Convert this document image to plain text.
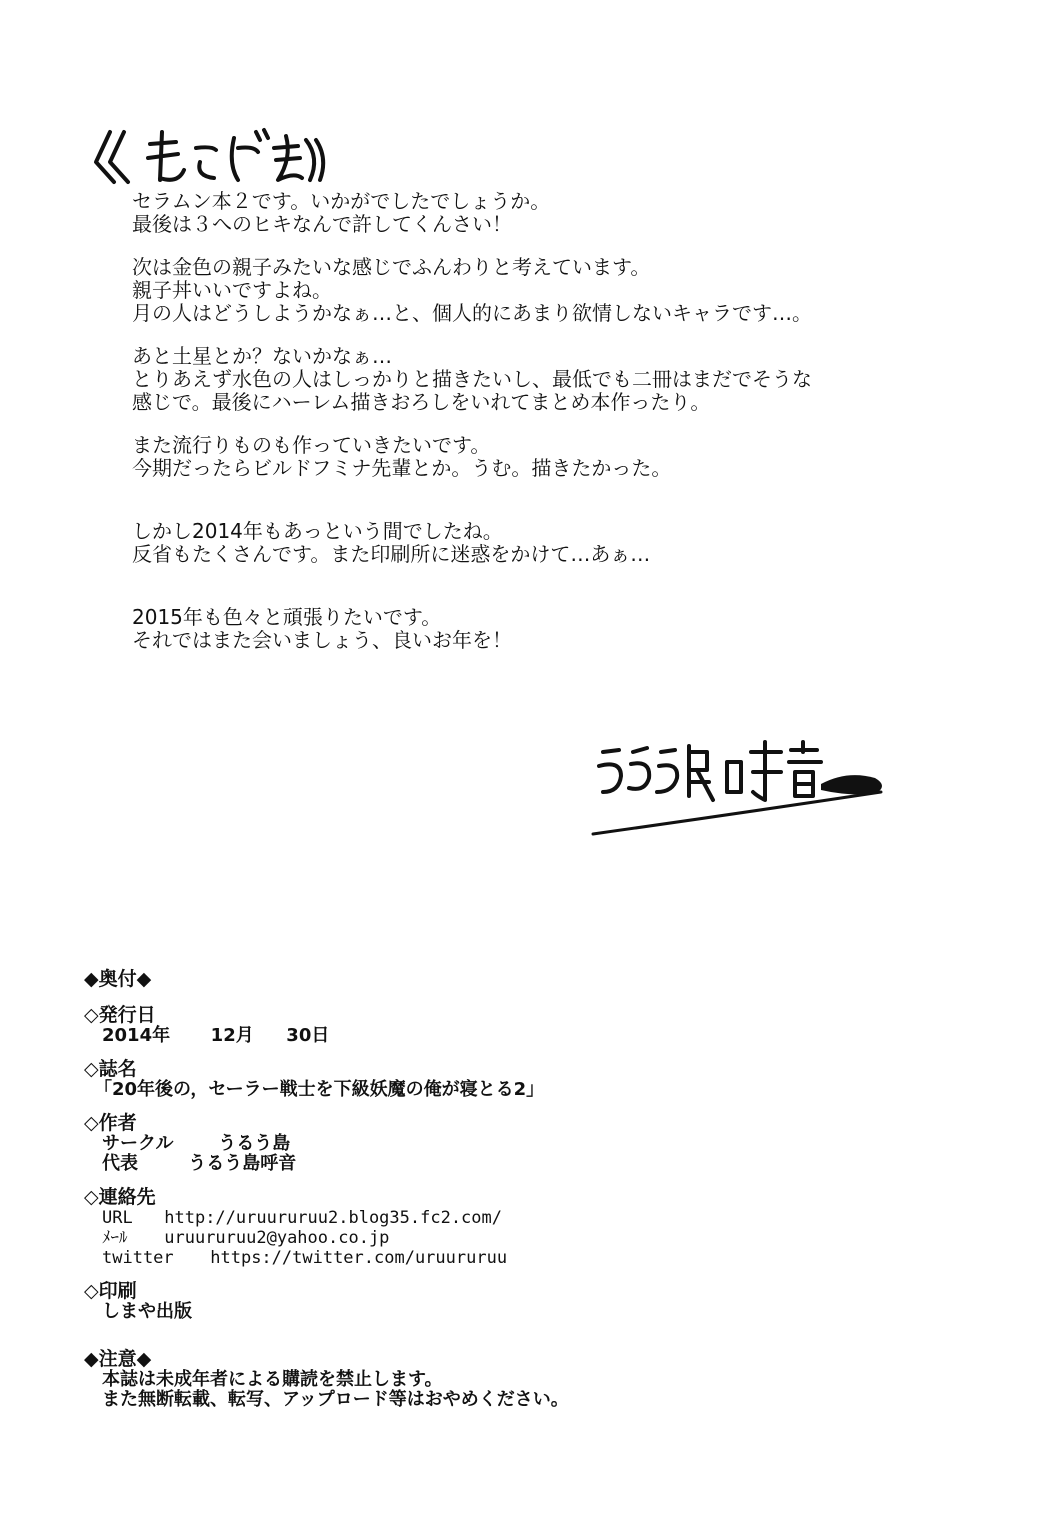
セラムン本２です。いかがでしたでしょうか。
最後は３へのヒキなんで許してくんさい！

次は金色の親子みたいな感じでふんわりと考えています。
親子丼いいですよね。
月の人はどうしようかなぁ…と、個人的にあまり欲情しないキャラです…。

あと土星とか？ないかなぁ…
とりあえず水色の人はしっかりと描きたいし、最低でも二冊はまだでそうな
感じで。最後にハーレム描きおろしをいれてまとめ本作ったり。

また流行りものも作っていきたいです。
今期だったらビルドフミナ先輩とか。うむ。描きたかった。

しかし2014年もあっという間でしたね。
反省もたくさんです。また印刷所に迷惑をかけて…あぁ…

2015年も色々と頑張りたいです。
それではまた会いましょう、良いお年を！

◆奥付◆
◇発行日
2014年 12月 30日
◇誌名
「20年後の，セーラー戦士を下級妖魔の俺が寝とる2」
◇作者
サークル うるう島
代表	うるう島呼音
◇連絡先
URL http://uruururuu2.blog35.fc2.com/
ﾒｰﾙ uruururuu2@yahoo.co.jp
twitter https://twitter.com/uruururuu
◇印刷
しまや出版
◆注意◆
本誌は未成年者による購読を禁止します。
また無断転載、転写、アップロード等はおやめください。
